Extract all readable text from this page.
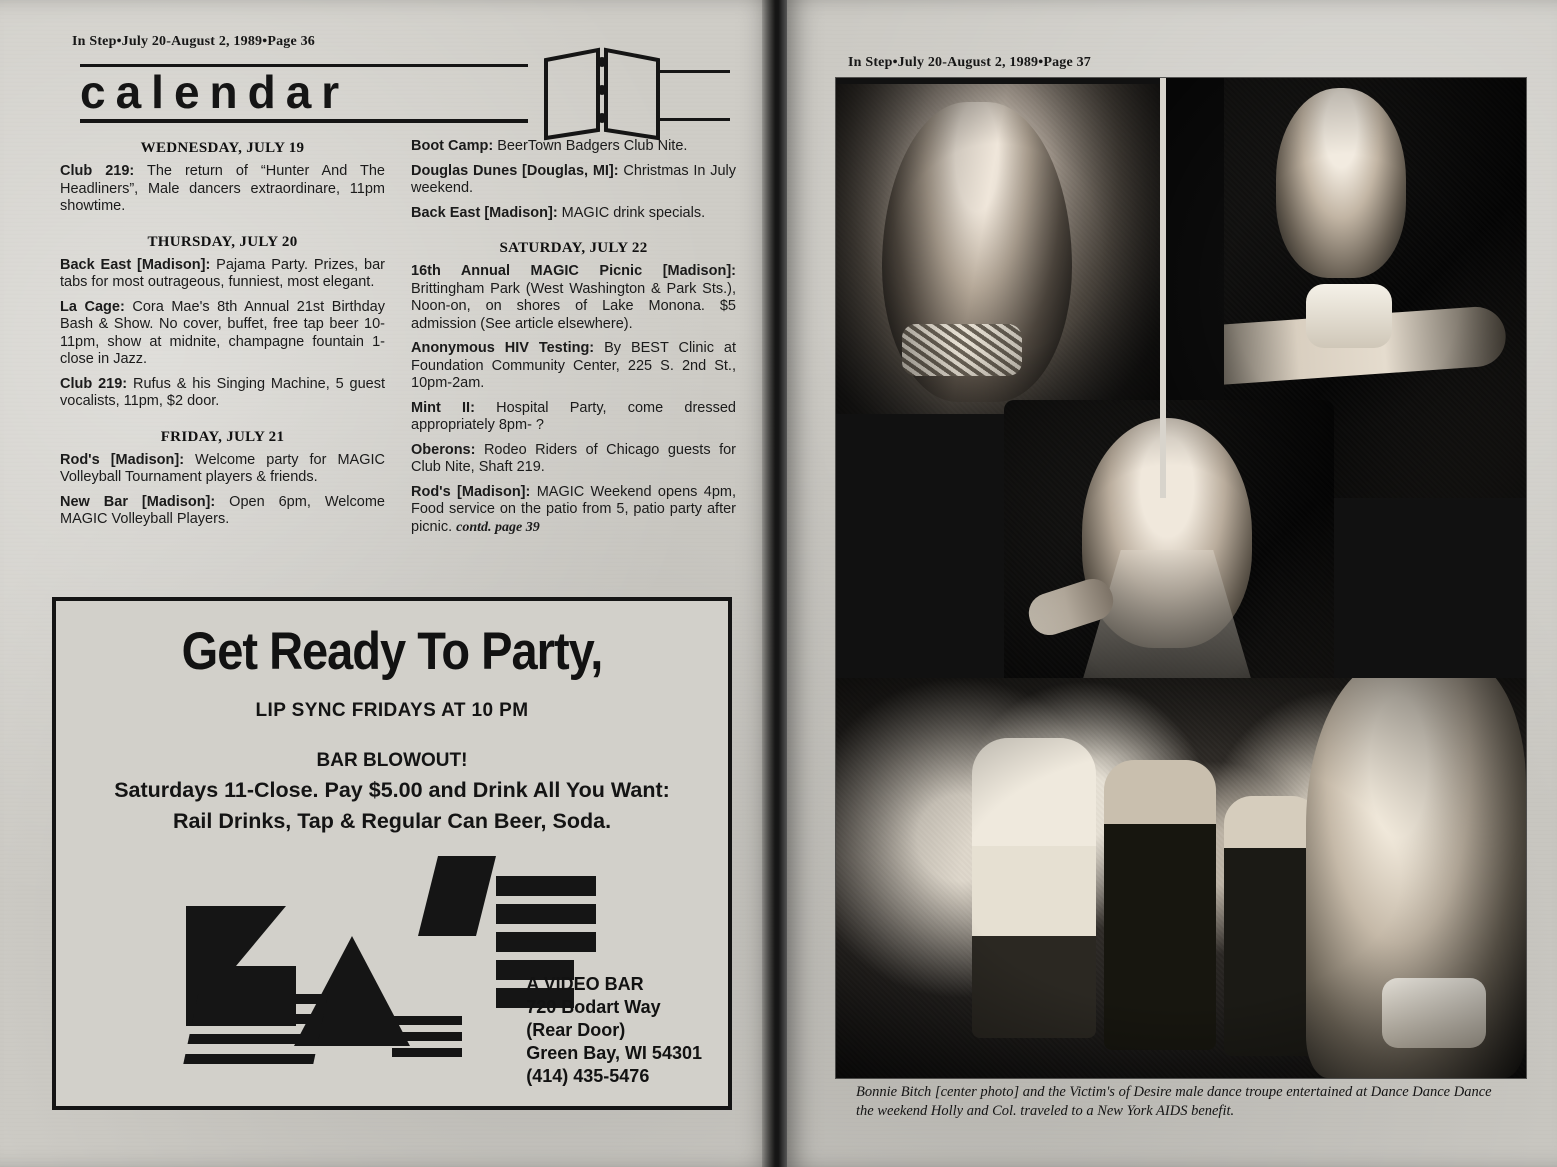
In Step•July 20-August 2, 1989•Page 36
calendar
WEDNESDAY, JULY 19
Club 219: The return of “Hunter And The Headliners”, Male dancers extraordinare, 11pm showtime.
THURSDAY, JULY 20
Back East [Madison]: Pajama Party. Prizes, bar tabs for most outrageous, funniest, most elegant.
La Cage: Cora Mae's 8th Annual 21st Birthday Bash & Show. No cover, buffet, free tap beer 10-11pm, show at midnite, champagne fountain 1-close in Jazz.
Club 219: Rufus & his Singing Machine, 5 guest vocalists, 11pm, $2 door.
FRIDAY, JULY 21
Rod's [Madison]: Welcome party for MAGIC Volleyball Tournament players & friends.
New Bar [Madison]: Open 6pm, Welcome MAGIC Volleyball Players.
Boot Camp: BeerTown Badgers Club Nite.
Douglas Dunes [Douglas, MI]: Christmas In July weekend.
Back East [Madison]: MAGIC drink specials.
SATURDAY, JULY 22
16th Annual MAGIC Picnic [Madison]: Brittingham Park (West Washington & Park Sts.), Noon-on, on shores of Lake Monona. $5 admission (See article elsewhere).
Anonymous HIV Testing: By BEST Clinic at Foundation Community Center, 225 S. 2nd St., 10pm-2am.
Mint II: Hospital Party, come dressed appropriately 8pm- ?
Oberons: Rodeo Riders of Chicago guests for Club Nite, Shaft 219.
Rod's [Madison]: MAGIC Weekend opens 4pm, Food service on the patio from 5, patio party after picnic. contd. page 39
Get Ready To Party,
LIP SYNC FRIDAYS AT 10 PM
BAR BLOWOUT!
Saturdays 11-Close. Pay $5.00 and Drink All You Want:
Rail Drinks, Tap & Regular Can Beer, Soda.
A VIDEO BAR
720 Bodart Way
(Rear Door)
Green Bay, WI 54301
(414) 435-5476
In Step•July 20-August 2, 1989•Page 37
Bonnie Bitch [center photo] and the Victim's of Desire male dance troupe entertained at Dance Dance Dance the weekend Holly and Col. traveled to a New York AIDS benefit.
